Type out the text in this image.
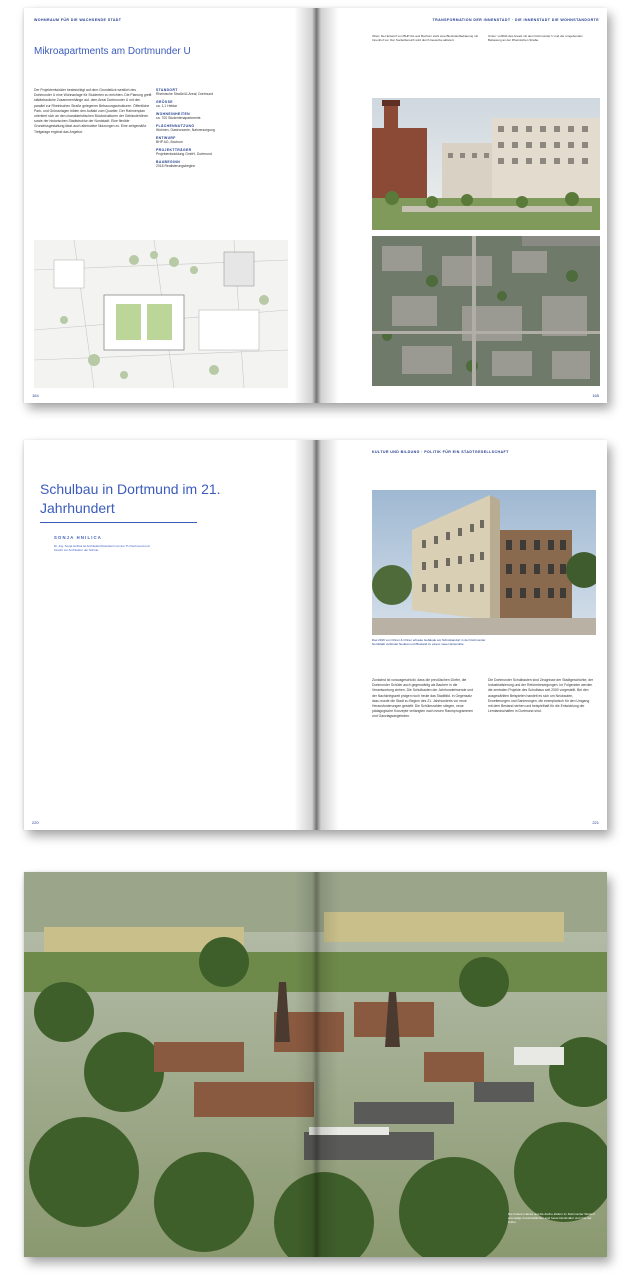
WOHNRAUM FÜR DIE WACHSENDE STADT
Mikroapartments am Dortmunder U
Der Projektentwickler beabsichtigt auf dem Grundstück westlich des Dortmunder U eine Wohnanlage für Studenten zu errichten. Die Planung greift städtebauliche Zusammenhänge auf, dem Areal Dortmunder U mit den parallel zur Rheinischen Straße gelegenen Bebauungsstrukturen. Öffentliche Park- und Grünanlagen bilden den Auftakt zum Quartier. Der Rahmenplan orientiert sich an den charakteristischen Blockstrukturen der Gebäudehöhen sowie der historischen Stadtstruktur der Nordstadt. Eine flexible Grundrissgestaltung lässt auch alternative Nutzungen zu. Eine zeitgemäße Tiefgarage ergänzt das Angebot.
STANDORT
Rheinische Straße/U-Areal, Dortmund
GRÖSSE
ca. 1,1 Hektar
WOHNEINHEITEN
ca. 700 Studentenapartments
FLÄCHENNUTZUNG
Wohnen, Gastronomie, Nahversorgung
ENTWURF
BHP AG, Bochum
PROJEKTTRÄGER
Projektentwicklung GmbH, Dortmund
BAUBEGINN
2018 Realisierungsbeginn
164
TRANSFORMATION DER INNENSTADT · DIE INNENSTADT DIE WOHNSTANDORTE
Oben: Der Entwurf von BHP AG aus Bochum sieht eine Blockrandbebauung mit Innenhof vor. Der Sockelbereich wird durch Gewerbe aktiviert.
Unten: Luftbild des Areals mit dem Dortmunder U und der umgebenden Bebauung an der Rheinischen Straße.
165
Schulbau in Dortmund im 21. Jahrhundert
SONJA HNILICA
Dr.-Ing. Sonja Hnilica ist Architekturhistorikerin an der TU Dortmund und forscht zur Architektur der Schule.
220
KULTUR UND BILDUNG · POLITIK FÜR EIN STADTGESELLSCHAFT
Das 2016 von Ortner & Ortner erbaute Gebäude am Schulstandort in der Dortmunder Nordstadt verbindet Neubau und Bestand zu einem neuen Ensemble.
Zunächst ist vorausgeschickt, dass die preußischen Dörfer, die Dortmunder Schüler auch gegenwärtig als Bauherr in die Verantwortung ziehen. Die Schulbauten der Jahrhundertwende und der Nachkriegszeit prägen noch heute das Stadtbild. In Gegensatz dazu wurde die Stadt zu Beginn des 21. Jahrhunderts vor neue Herausforderungen gestellt: Die Schülerzahlen stiegen, neue pädagogische Konzepte verlangten nach neuen Raumprogrammen und Ganztagsangeboten.
Die Dortmunder Schulbauten sind Zeugnisse der Stadtgeschichte, der Industrialisierung und der Reformbewegungen. Im Folgenden werden die zentralen Projekte des Schulbaus seit 2000 vorgestellt. Bei den ausgewählten Beispielen handelt es sich um Neubauten, Erweiterungen und Sanierungen, die exemplarisch für den Umgang mit dem Bestand stehen und beispielhaft für die Entwicklung der Lernlandschaften in Dortmund sind.
221
Die Kokerei Hansa und die Zeche Zollern im Dortmunder Westen: ehemalige Industrieflächen sind heute Denkmäler und Orte der Kultur.
